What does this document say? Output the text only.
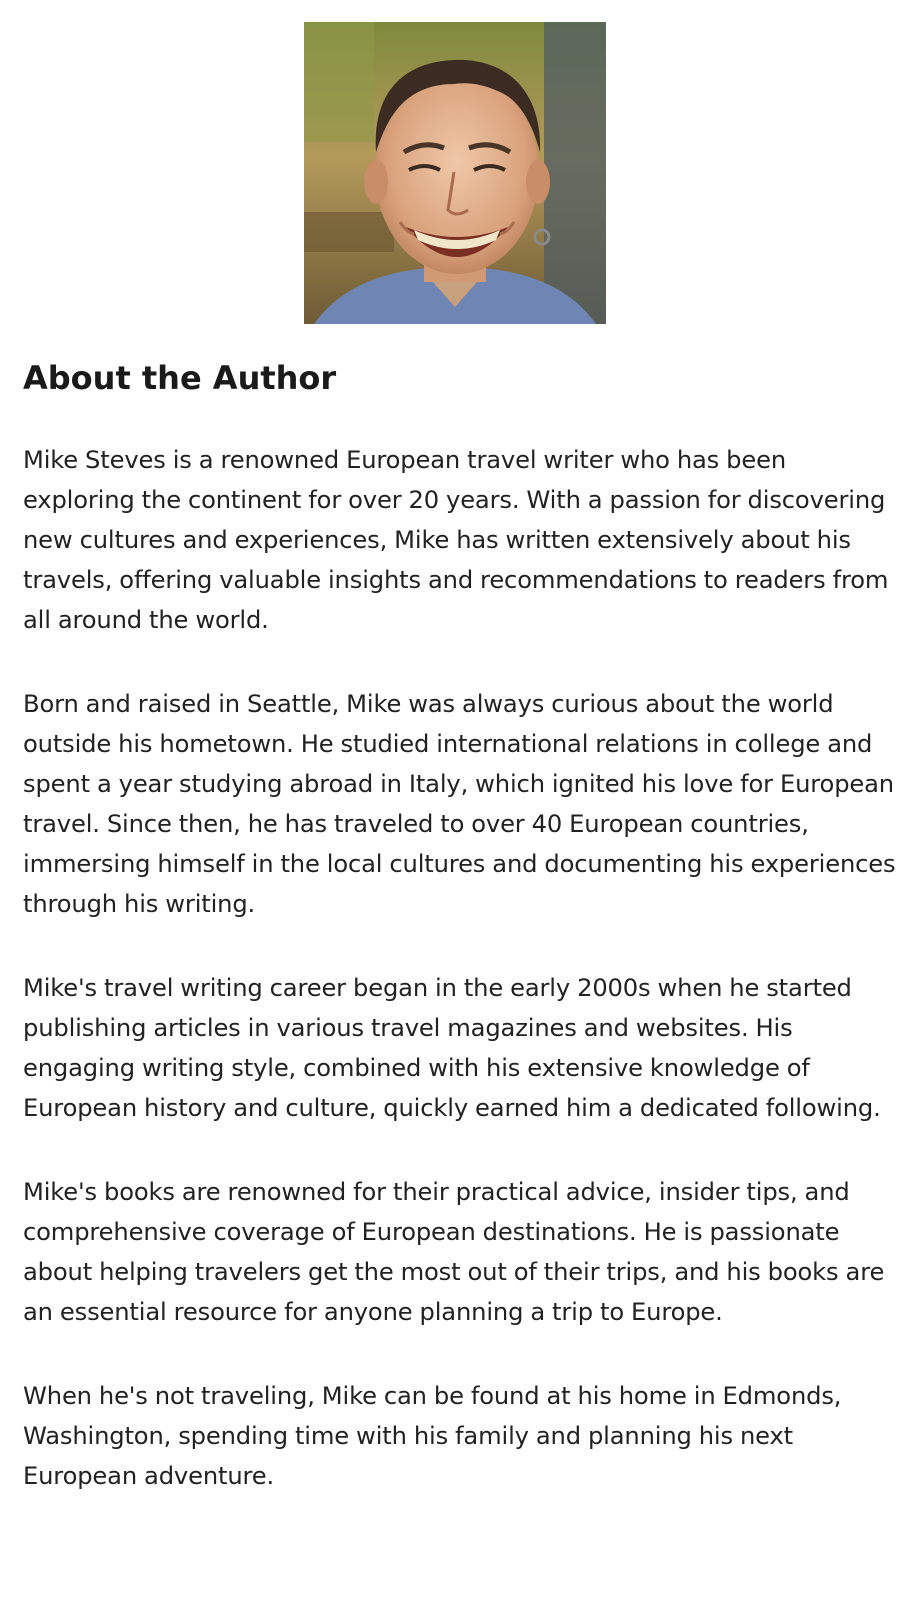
About the Author

Mike Steves is a renowned European travel writer who has been exploring the continent for over 20 years. With a passion for discovering new cultures and experiences, Mike has written extensively about his travels, offering valuable insights and recommendations to readers from all around the world.

Born and raised in Seattle, Mike was always curious about the world outside his hometown. He studied international relations in college and spent a year studying abroad in Italy, which ignited his love for European travel. Since then, he has traveled to over 40 European countries, immersing himself in the local cultures and documenting his experiences through his writing.

Mike's travel writing career began in the early 2000s when he started publishing articles in various travel magazines and websites. His engaging writing style, combined with his extensive knowledge of European history and culture, quickly earned him a dedicated following.

Mike's books are renowned for their practical advice, insider tips, and comprehensive coverage of European destinations. He is passionate about helping travelers get the most out of their trips, and his books are an essential resource for anyone planning a trip to Europe.

When he's not traveling, Mike can be found at his home in Edmonds, Washington, spending time with his family and planning his next European adventure.
